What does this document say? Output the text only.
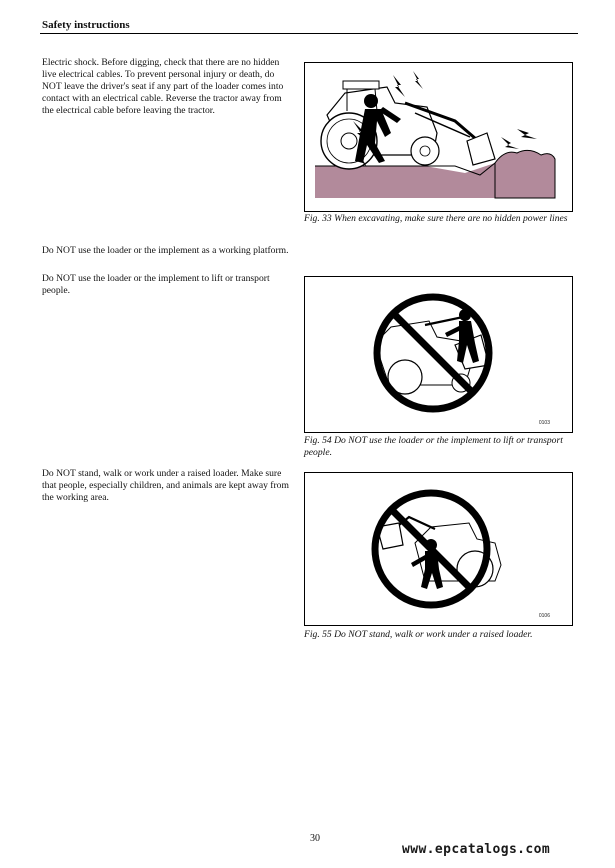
Safety instructions

Electric shock. Before digging, check that there are no hidden live electrical cables. To prevent personal injury or death, do NOT leave the driver's seat if any part of the loader comes into contact with an electrical cable. Reverse the tractor away from the electrical cable before leaving the tractor.

Fig. 33 When excavating, make sure there are no hidden power lines

Do NOT use the loader or the implement as a working platform.

Do NOT use the loader or the implement to lift or transport people.

0103

Fig. 54 Do NOT use the loader or the implement to lift or transport people.

Do NOT stand, walk or work under a raised loader. Make sure that people, especially children, and animals are kept away from the working area.

0106

Fig. 55 Do NOT stand, walk or work under a raised loader.

30
www.epcatalogs.com
